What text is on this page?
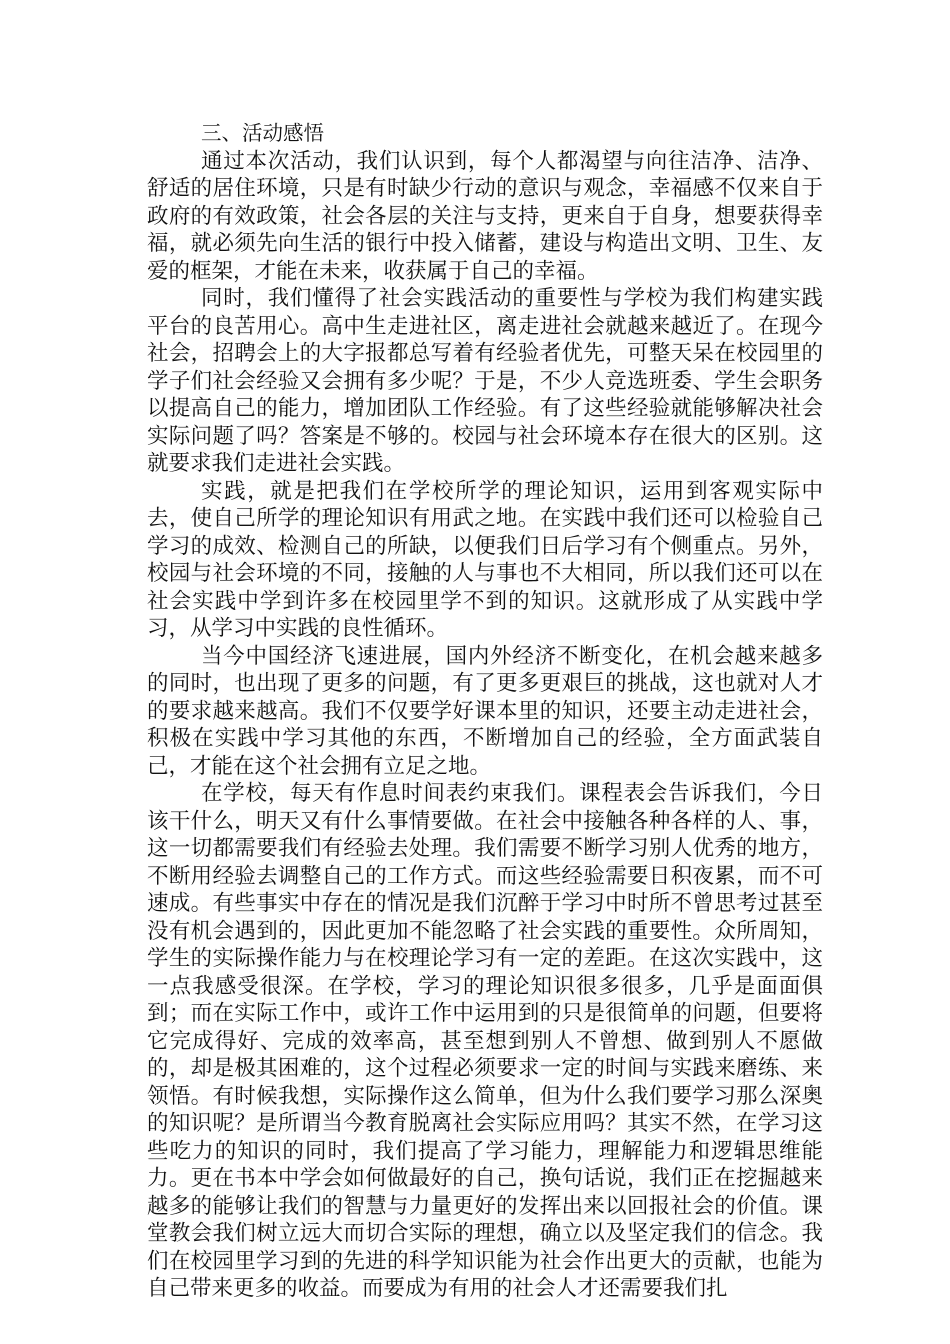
三、活动感悟

通过本次活动，我们认识到，每个人都渴望与向往洁净、洁净、舒适的居住环境，只是有时缺少行动的意识与观念，幸福感不仅来自于政府的有效政策，社会各层的关注与支持，更来自于自身，想要获得幸福，就必须先向生活的银行中投入储蓄，建设与构造出文明、卫生、友爱的框架，才能在未来，收获属于自己的幸福。

同时，我们懂得了社会实践活动的重要性与学校为我们构建实践平台的良苦用心。高中生走进社区，离走进社会就越来越近了。在现今社会，招聘会上的大字报都总写着有经验者优先，可整天呆在校园里的学子们社会经验又会拥有多少呢？于是，不少人竞选班委、学生会职务以提高自己的能力，增加团队工作经验。有了这些经验就能够解决社会实际问题了吗？答案是不够的。校园与社会环境本存在很大的区别。这就要求我们走进社会实践。

实践，就是把我们在学校所学的理论知识，运用到客观实际中去，使自己所学的理论知识有用武之地。在实践中我们还可以检验自己学习的成效、检测自己的所缺，以便我们日后学习有个侧重点。另外，校园与社会环境的不同，接触的人与事也不大相同，所以我们还可以在社会实践中学到许多在校园里学不到的知识。这就形成了从实践中学习，从学习中实践的良性循环。

当今中国经济飞速进展，国内外经济不断变化，在机会越来越多的同时，也出现了更多的问题，有了更多更艰巨的挑战，这也就对人才的要求越来越高。我们不仅要学好课本里的知识，还要主动走进社会，积极在实践中学习其他的东西，不断增加自己的经验，全方面武装自己，才能在这个社会拥有立足之地。

在学校，每天有作息时间表约束我们。课程表会告诉我们，今日该干什么，明天又有什么事情要做。在社会中接触各种各样的人、事，这一切都需要我们有经验去处理。我们需要不断学习别人优秀的地方，不断用经验去调整自己的工作方式。而这些经验需要日积夜累，而不可速成。有些事实中存在的情况是我们沉醉于学习中时所不曾思考过甚至没有机会遇到的，因此更加不能忽略了社会实践的重要性。众所周知，学生的实际操作能力与在校理论学习有一定的差距。在这次实践中，这一点我感受很深。在学校，学习的理论知识很多很多，几乎是面面俱到；而在实际工作中，或许工作中运用到的只是很简单的问题，但要将它完成得好、完成的效率高，甚至想到别人不曾想、做到别人不愿做的，却是极其困难的，这个过程必须要求一定的时间与实践来磨练、来领悟。有时候我想，实际操作这么简单，但为什么我们要学习那么深奥的知识呢？是所谓当今教育脱离社会实际应用吗？其实不然，在学习这些吃力的知识的同时，我们提高了学习能力，理解能力和逻辑思维能力。更在书本中学会如何做最好的自己，换句话说，我们正在挖掘越来越多的能够让我们的智慧与力量更好的发挥出来以回报社会的价值。课堂教会我们树立远大而切合实际的理想，确立以及坚定我们的信念。我们在校园里学习到的先进的科学知识能为社会作出更大的贡献，也能为自己带来更多的收益。而要成为有用的社会人才还需要我们扎
